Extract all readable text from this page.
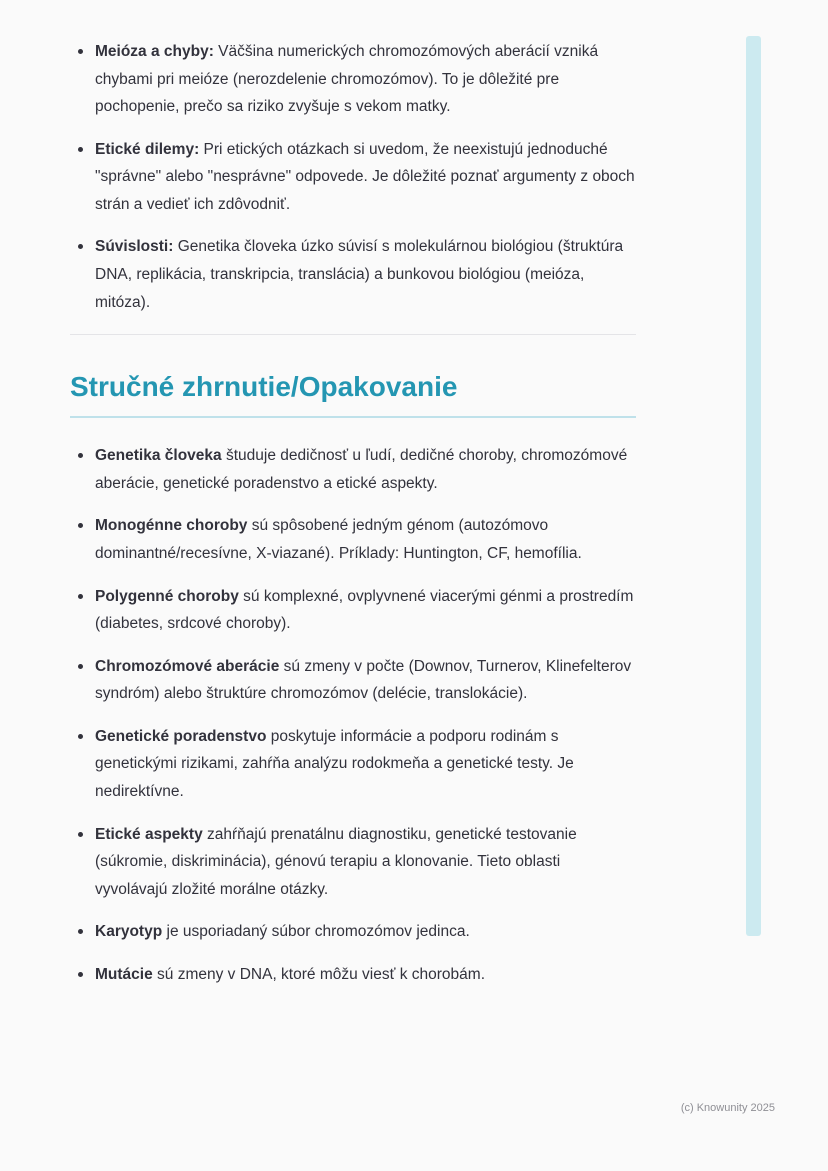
Meióza a chyby: Väčšina numerických chromozómových aberácií vzniká chybami pri meióze (nerozdelenie chromozómov). To je dôležité pre pochopenie, prečo sa riziko zvyšuje s vekom matky.
Etické dilemy: Pri etických otázkach si uvedom, že neexistujú jednoduché "správne" alebo "nesprávne" odpovede. Je dôležité poznať argumenty z oboch strán a vedieť ich zdôvodniť.
Súvislosti: Genetika človeka úzko súvisí s molekulárnou biológiou (štruktúra DNA, replikácia, transkripcia, translácia) a bunkovou biológiou (meióza, mitóza).
Stručné zhrnutie/Opakovanie
Genetika človeka študuje dedičnosť u ľudí, dedičné choroby, chromozómové aberácie, genetické poradenstvo a etické aspekty.
Monogénne choroby sú spôsobené jedným génom (autozómovo dominantné/recesívne, X-viazané). Príklady: Huntington, CF, hemofília.
Polygenné choroby sú komplexné, ovplyvnené viacerými génmi a prostredím (diabetes, srdcové choroby).
Chromozómové aberácie sú zmeny v počte (Downov, Turnerov, Klinefelterov syndróm) alebo štruktúre chromozómov (delécie, translokácie).
Genetické poradenstvo poskytuje informácie a podporu rodinám s genetickými rizikami, zahŕňa analýzu rodokmeňa a genetické testy. Je nedirektívne.
Etické aspekty zahŕňajú prenatálnu diagnostiku, genetické testovanie (súkromie, diskriminácia), génovú terapiu a klonovanie. Tieto oblasti vyvolávajú zložité morálne otázky.
Karyotyp je usporiadaný súbor chromozómov jedinca.
Mutácie sú zmeny v DNA, ktoré môžu viesť k chorobám.
(c) Knowunity 2025
